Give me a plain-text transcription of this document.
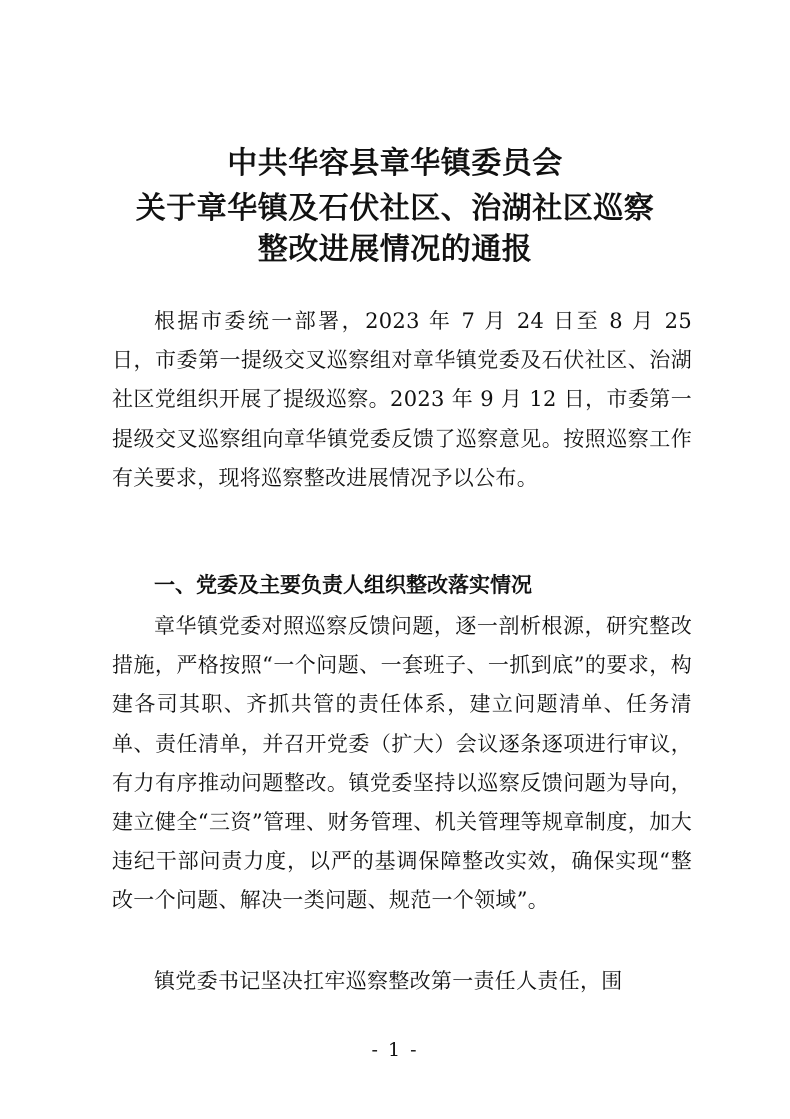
中共华容县章华镇委员会
关于章华镇及石伏社区、治湖社区巡察
整改进展情况的通报
根据市委统一部署，2023 年 7 月 24 日至 8 月 25 日，市委第一提级交叉巡察组对章华镇党委及石伏社区、治湖社区党组织开展了提级巡察。2023 年 9 月 12 日，市委第一提级交叉巡察组向章华镇党委反馈了巡察意见。按照巡察工作有关要求，现将巡察整改进展情况予以公布。
一、党委及主要负责人组织整改落实情况
章华镇党委对照巡察反馈问题，逐一剖析根源，研究整改措施，严格按照“一个问题、一套班子、一抓到底”的要求，构建各司其职、齐抓共管的责任体系，建立问题清单、任务清单、责任清单，并召开党委（扩大）会议逐条逐项进行审议，有力有序推动问题整改。镇党委坚持以巡察反馈问题为导向，建立健全“三资”管理、财务管理、机关管理等规章制度，加大违纪干部问责力度，以严的基调保障整改实效，确保实现“整改一个问题、解决一类问题、规范一个领域”。
镇党委书记坚决扛牢巡察整改第一责任人责任，围
- 1 -
